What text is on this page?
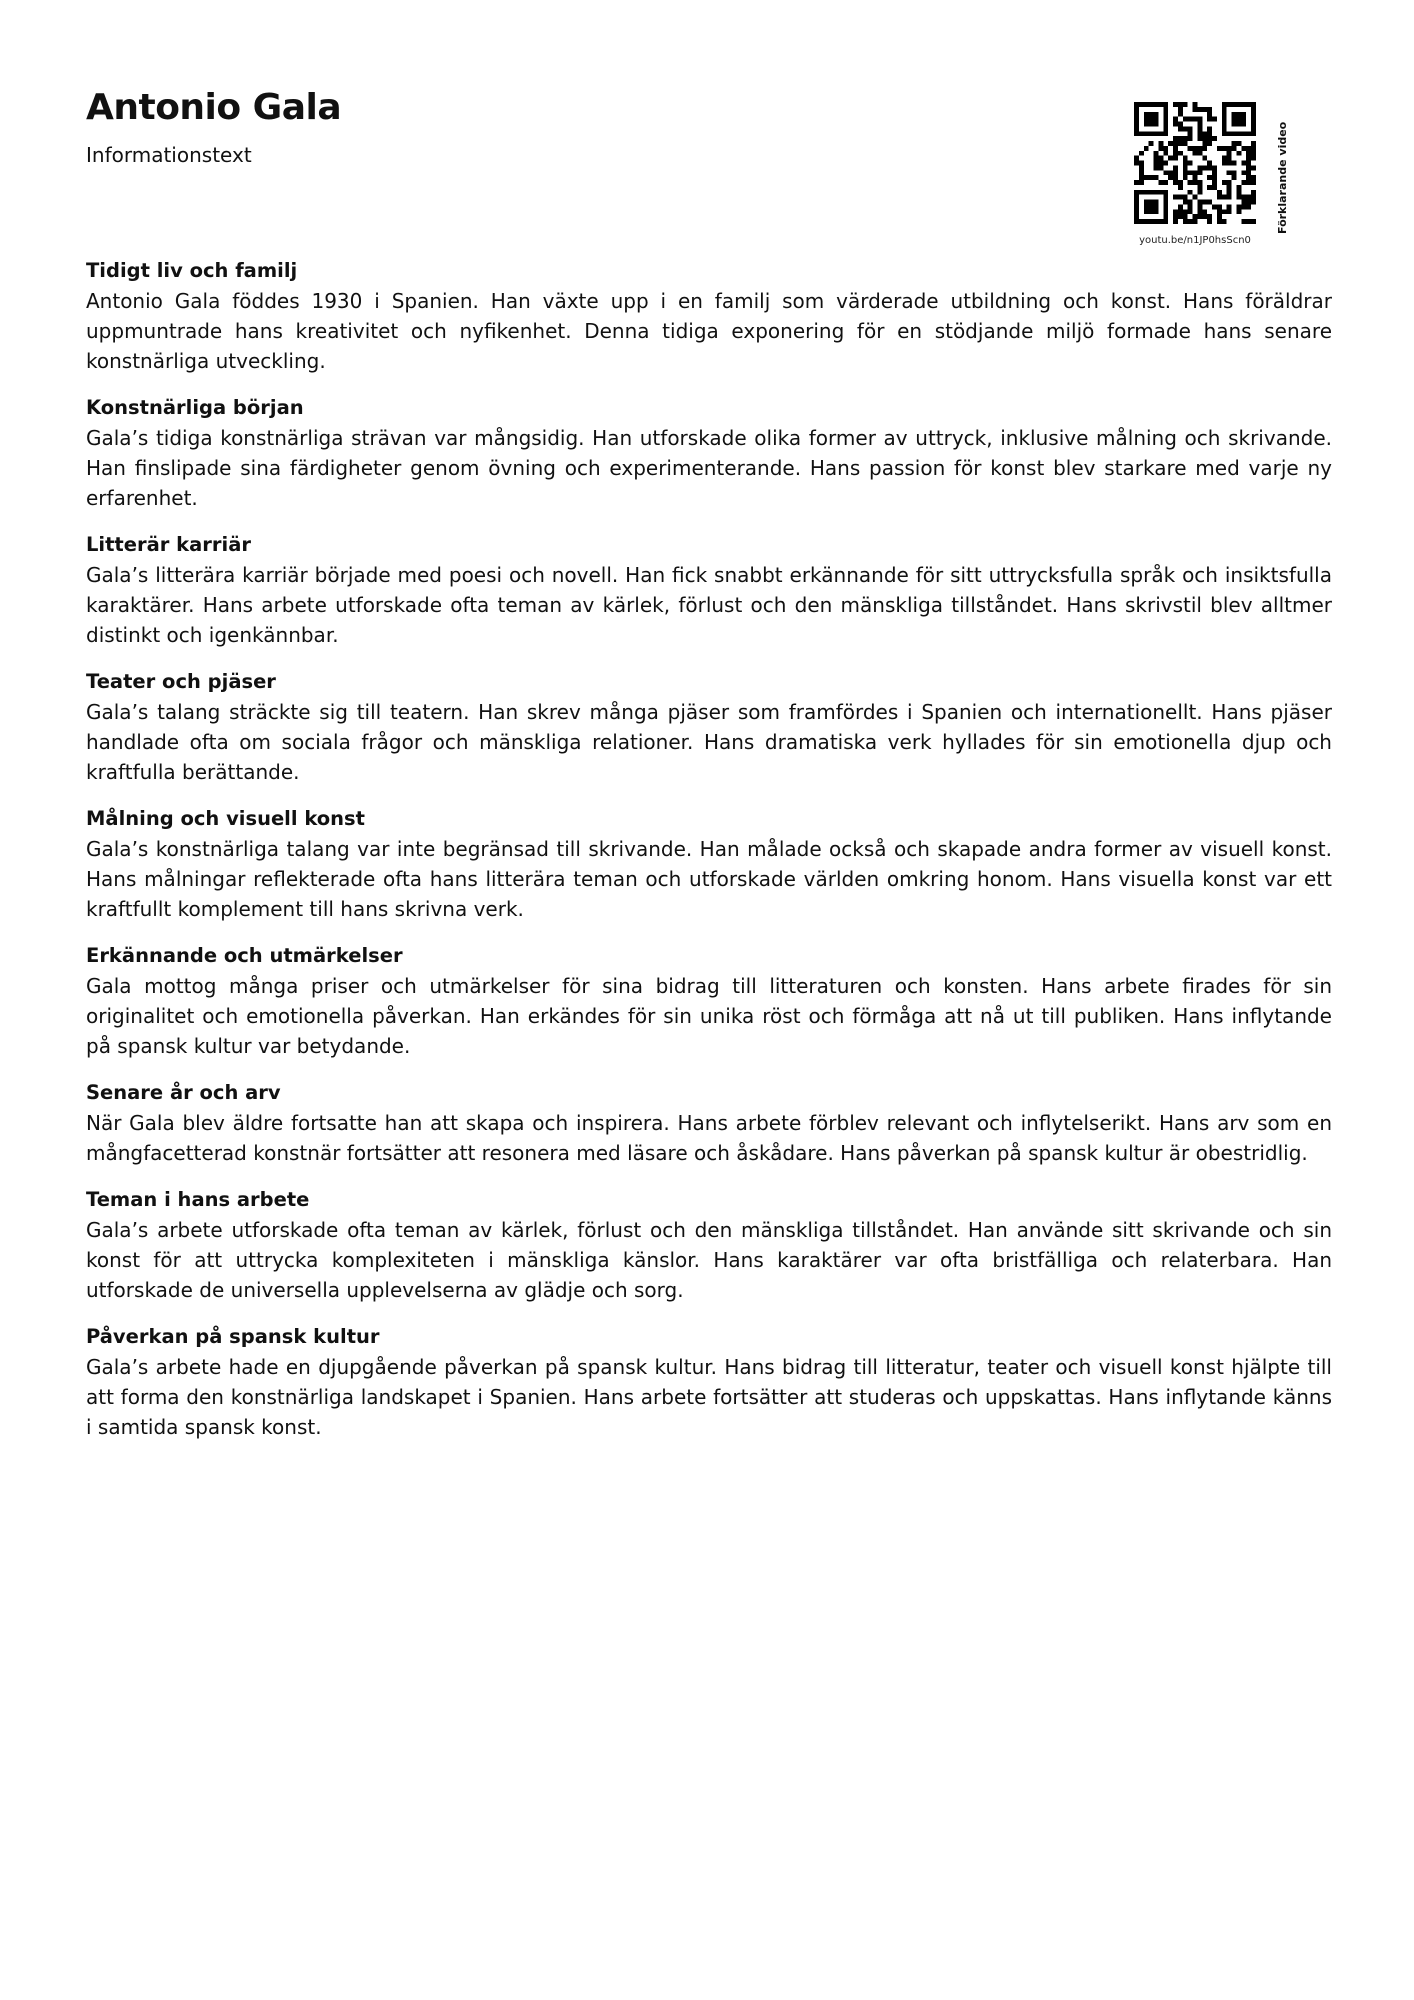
Antonio Gala

Informationstext

youtu.be/n1JP0hsScn0
Förklarande video
Tidigt liv och familj

Antonio Gala föddes 1930 i Spanien. Han växte upp i en familj som värderade utbildning och konst. Hans föräldrar uppmuntrade hans kreativitet och nyfikenhet. Denna tidiga exponering för en stödjande miljö formade hans senare konstnärliga utveckling.

Konstnärliga början

Gala’s tidiga konstnärliga strävan var mångsidig. Han utforskade olika former av uttryck, inklusive målning och skrivande. Han finslipade sina färdigheter genom övning och experimenterande. Hans passion för konst blev starkare med varje ny erfarenhet.

Litterär karriär

Gala’s litterära karriär började med poesi och novell. Han fick snabbt erkännande för sitt uttrycksfulla språk och insiktsfulla karaktärer. Hans arbete utforskade ofta teman av kärlek, förlust och den mänskliga tillståndet. Hans skrivstil blev alltmer distinkt och igenkännbar.

Teater och pjäser

Gala’s talang sträckte sig till teatern. Han skrev många pjäser som framfördes i Spanien och internationellt. Hans pjäser handlade ofta om sociala frågor och mänskliga relationer. Hans dramatiska verk hyllades för sin emotionella djup och kraftfulla berättande.

Målning och visuell konst

Gala’s konstnärliga talang var inte begränsad till skrivande. Han målade också och skapade andra former av visuell konst. Hans målningar reflekterade ofta hans litterära teman och utforskade världen omkring honom. Hans visuella konst var ett kraftfullt komplement till hans skrivna verk.

Erkännande och utmärkelser

Gala mottog många priser och utmärkelser för sina bidrag till litteraturen och konsten. Hans arbete firades för sin originalitet och emotionella påverkan. Han erkändes för sin unika röst och förmåga att nå ut till publiken. Hans inflytande på spansk kultur var betydande.

Senare år och arv

När Gala blev äldre fortsatte han att skapa och inspirera. Hans arbete förblev relevant och inflytelserikt. Hans arv som en mångfacetterad konstnär fortsätter att resonera med läsare och åskådare. Hans påverkan på spansk kultur är obestridlig.

Teman i hans arbete

Gala’s arbete utforskade ofta teman av kärlek, förlust och den mänskliga tillståndet. Han använde sitt skrivande och sin konst för att uttrycka komplexiteten i mänskliga känslor. Hans karaktärer var ofta bristfälliga och relaterbara. Han utforskade de universella upplevelserna av glädje och sorg.

Påverkan på spansk kultur

Gala’s arbete hade en djupgående påverkan på spansk kultur. Hans bidrag till litteratur, teater och visuell konst hjälpte till att forma den konstnärliga landskapet i Spanien. Hans arbete fortsätter att studeras och uppskattas. Hans inflytande känns i samtida spansk konst.
